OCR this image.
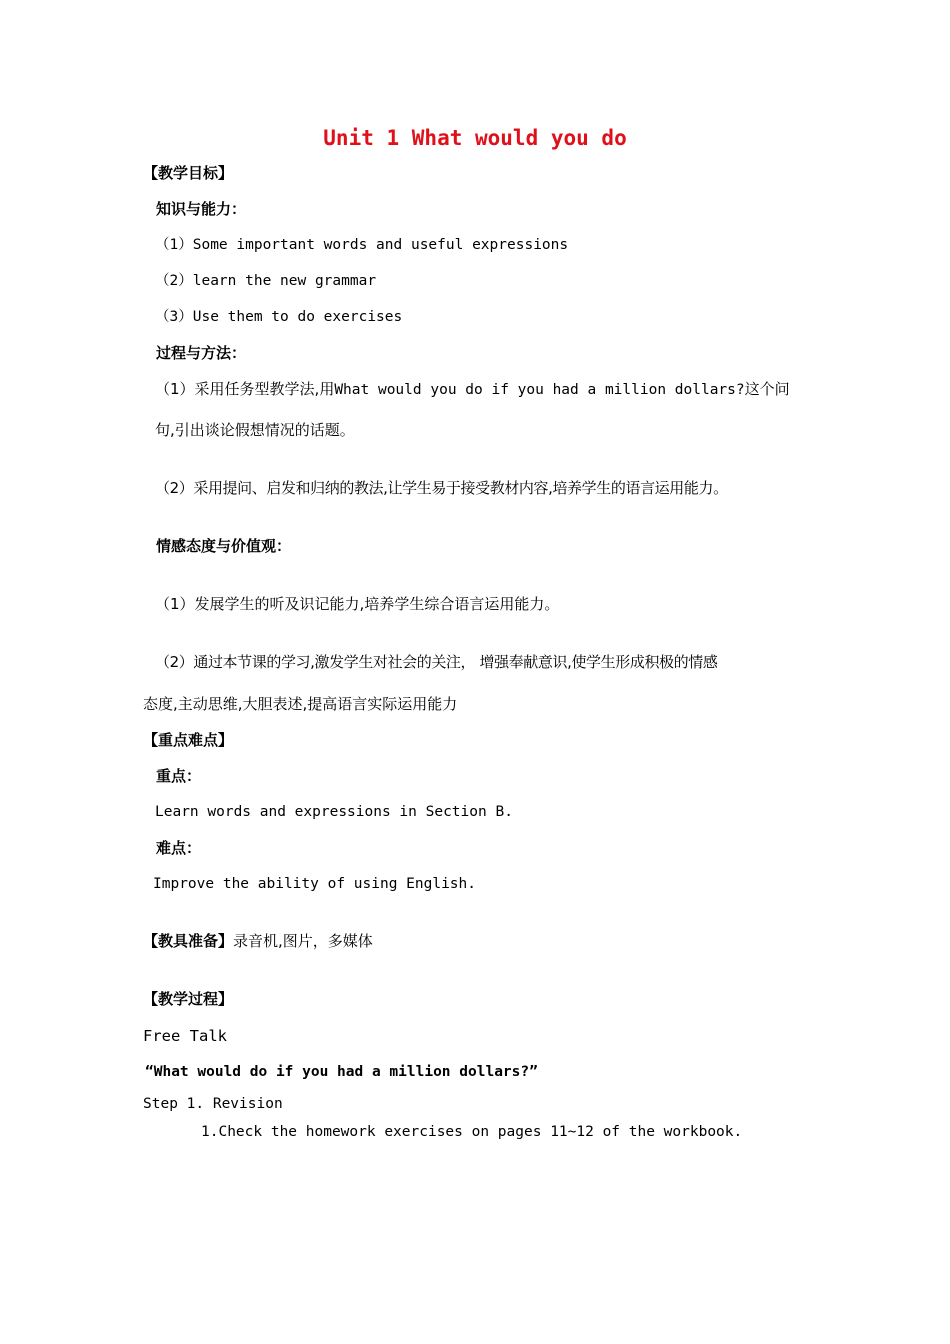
Unit 1 What would you do
【教学目标】
知识与能力：
（1）Some important words and useful expressions
（2）learn the new grammar
（3）Use them to do exercises
过程与方法：
（1）采用任务型教学法,用What would you do if you had a million dollars?这个问
句,引出谈论假想情况的话题。
（2）采用提问、启发和归纳的教法,让学生易于接受教材内容,培养学生的语言运用能力。
情感态度与价值观：
（1）发展学生的听及识记能力,培养学生综合语言运用能力。
（2）通过本节课的学习,激发学生对社会的关注， 增强奉献意识,使学生形成积极的情感
态度,主动思维,大胆表述,提高语言实际运用能力
【重点难点】
重点：
Learn words and expressions in Section B.
难点：
Improve the ability of using English.
【教具准备】录音机,图片，多媒体
【教学过程】
Free Talk
“What would do if you had a million dollars?”
Step 1. Revision
1.Check the homework exercises on pages 11~12 of the workbook.
